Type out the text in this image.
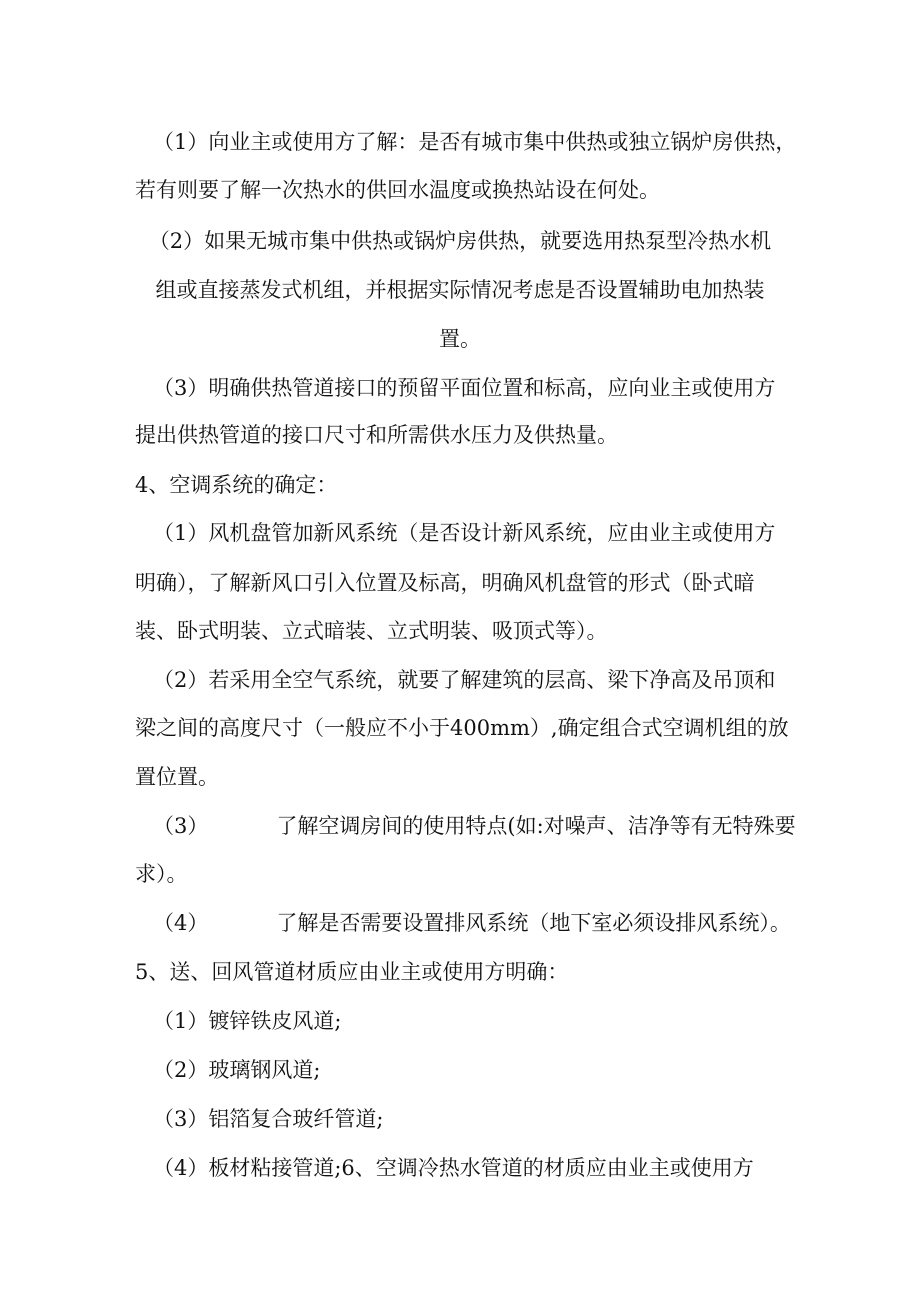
（1）向业主或使用方了解：是否有城市集中供热或独立锅炉房供热，
若有则要了解一次热水的供回水温度或换热站设在何处。
（2）如果无城市集中供热或锅炉房供热，就要选用热泵型冷热水机
组或直接蒸发式机组，并根据实际情况考虑是否设置辅助电加热装
置。
（3）明确供热管道接口的预留平面位置和标高，应向业主或使用方
提出供热管道的接口尺寸和所需供水压力及供热量。
4、空调系统的确定：
（1）风机盘管加新风系统（是否设计新风系统，应由业主或使用方
明确），了解新风口引入位置及标高，明确风机盘管的形式（卧式暗
装、卧式明装、立式暗装、立式明装、吸顶式等）。
（2）若采用全空气系统，就要了解建筑的层高、梁下净高及吊顶和
梁之间的高度尺寸（一般应不小于400mm）,确定组合式空调机组的放
置位置。
（3）	了解空调房间的使用特点(如:对噪声、洁净等有无特殊要
求）。
（4）	了解是否需要设置排风系统（地下室必须设排风系统）。
5、送、回风管道材质应由业主或使用方明确：
（1）镀锌铁皮风道;
（2）玻璃钢风道;
（3）铝箔复合玻纤管道;
（4）板材粘接管道;6、空调冷热水管道的材质应由业主或使用方
